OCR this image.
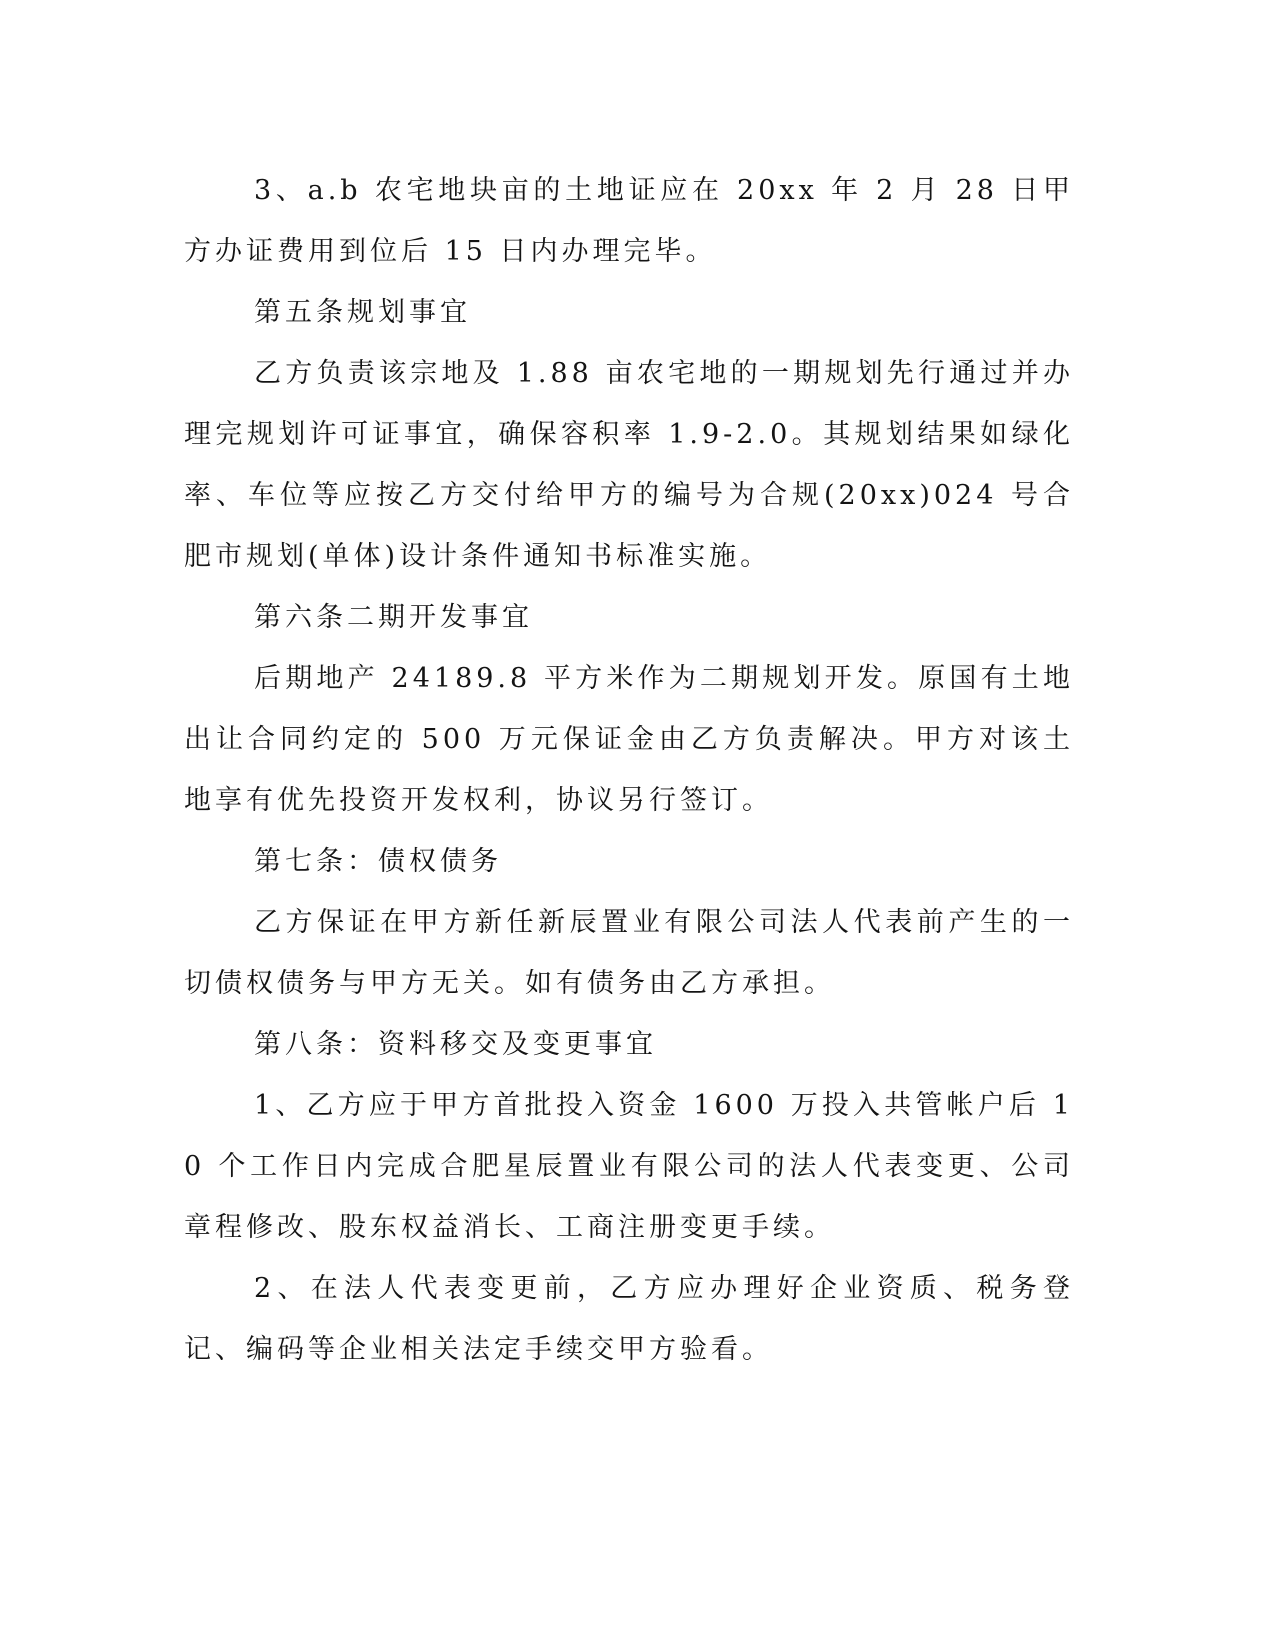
3、a.b 农宅地块亩的土地证应在 20xx 年 2 月 28 日甲方办证费用到位后 15 日内办理完毕。

第五条规划事宜

乙方负责该宗地及 1.88 亩农宅地的一期规划先行通过并办理完规划许可证事宜，确保容积率 1.9-2.0。其规划结果如绿化率、车位等应按乙方交付给甲方的编号为合规(20xx)024 号合肥市规划(单体)设计条件通知书标准实施。

第六条二期开发事宜

后期地产 24189.8 平方米作为二期规划开发。原国有土地出让合同约定的 500 万元保证金由乙方负责解决。甲方对该土地享有优先投资开发权利，协议另行签订。

第七条：债权债务

乙方保证在甲方新任新辰置业有限公司法人代表前产生的一切债权债务与甲方无关。如有债务由乙方承担。

第八条：资料移交及变更事宜

1、乙方应于甲方首批投入资金 1600 万投入共管帐户后 10 个工作日内完成合肥星辰置业有限公司的法人代表变更、公司章程修改、股东权益消长、工商注册变更手续。

2、在法人代表变更前，乙方应办理好企业资质、税务登记、编码等企业相关法定手续交甲方验看。
